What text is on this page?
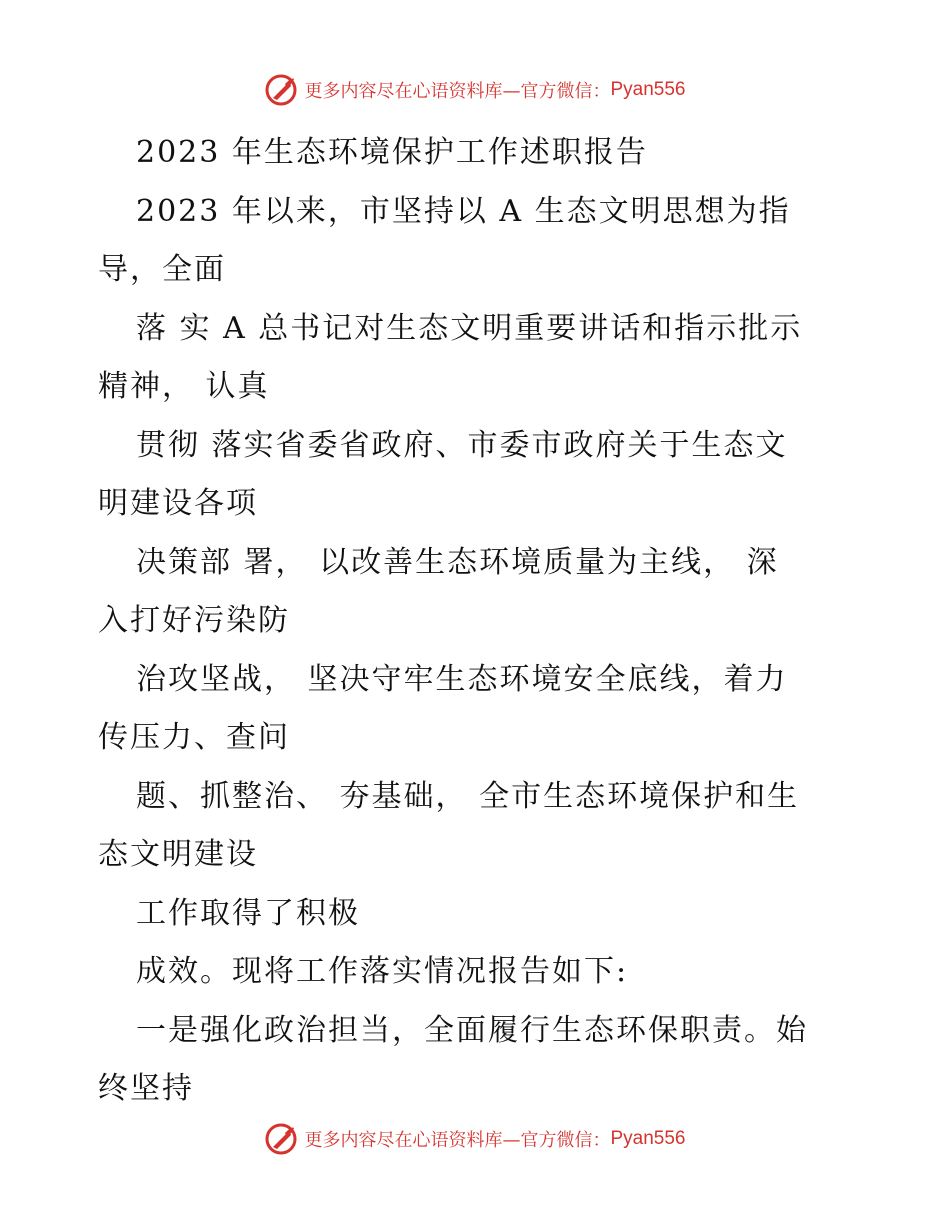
更多内容尽在心语资料库—官方微信： Pyan556
2023 年生态环境保护工作述职报告
2023 年以来，市坚持以 A 生态文明思想为指
导，全面
落 实 A 总书记对生态文明重要讲话和指示批示
精神， 认真
贯彻 落实省委省政府、市委市政府关于生态文
明建设各项
决策部 署， 以改善生态环境质量为主线， 深
入打好污染防
治攻坚战， 坚决守牢生态环境安全底线，着力
传压力、查问
题、抓整治、 夯基础， 全市生态环境保护和生
态文明建设
工作取得了积极
成效。现将工作落实情况报告如下:
一是强化政治担当，全面履行生态环保职责。始
终坚持
更多内容尽在心语资料库—官方微信： Pyan556
